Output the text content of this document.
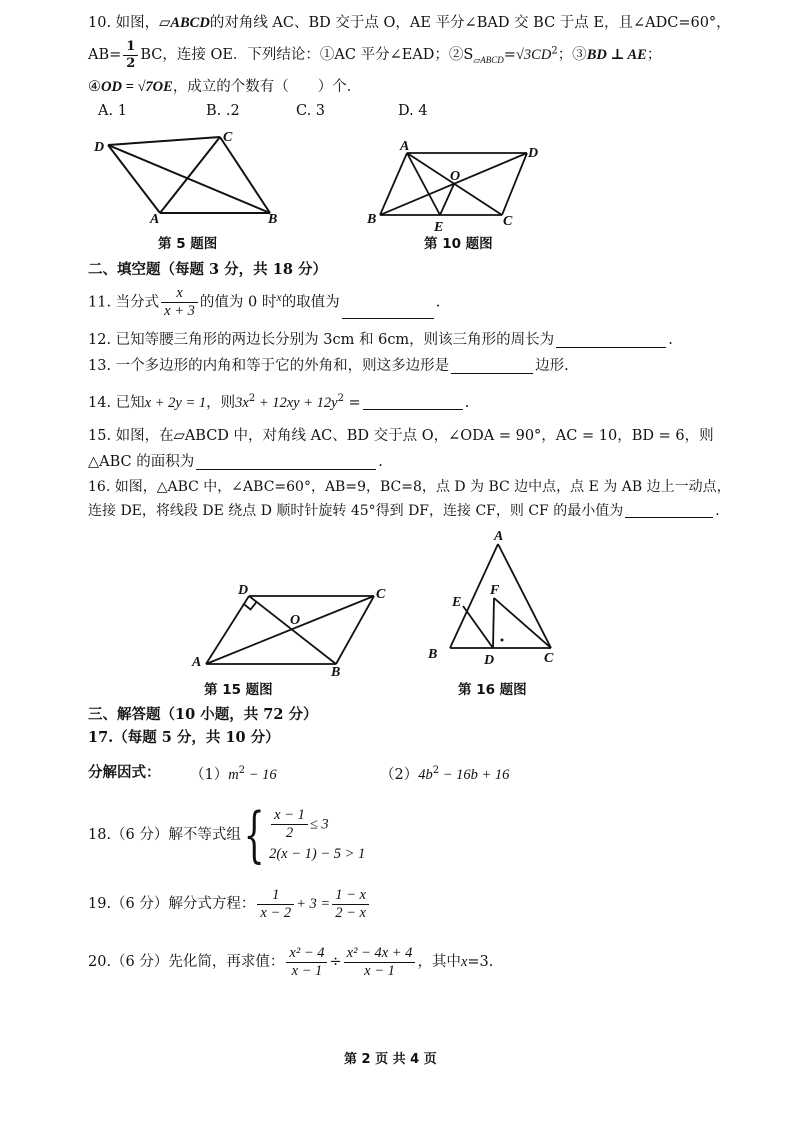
10. 如图，▱ABCD的对角线 AC、BD 交于点 O，AE 平分∠BAD 交 BC 于点 E，且∠ADC=60°，
$AB= \frac{1}{2}$ BC，连接 OE．下列结论：①AC 平分∠EAD；$②S_{▱ABCD}=√3CD^2$；③BD ⊥ AE；
④OD = √7OE，成立的个数有（　　）个．
A. 1	B. .2	C. 3	D. 4
D
C
A	B
第 5 题图
A	D
O
B
E	C
第 10 题图
二、填空题（每题 3 分，共 18 分）
11. 当分式 $\frac{x}{x + 3}$ 的值为 0 时$^x$的取值为	.
12. 已知等腰三角形的两边长分别为 3cm 和 6cm，则该三角形的周长为	.
13. 一个多边形的内角和等于它的外角和，则这多边形是	边形.
14. 已知x + 2y = 1，则$3x^2 + 12xy + 12y^2$ =	.
15. 如图，在▱ABCD 中，对角线 AC、BD 交于点 O，∠ODA = 90°，AC = 10，BD = 6，则
△ABC 的面积为	.
16. 如图，△ABC 中，∠ABC=60°，AB=9，BC=8，点 D 为 BC 边中点，点 E 为 AB 边上一动点，
连接 DE，将线段 DE 绕点 D 顺时针旋转 45°得到 DF，连接 CF，则 CF 的最小值为	.
D	C
O
A
B
第 15 题图
A
E
F
B	D	C
第 16 题图
三、解答题（10 小题，共 72 分）
17.（每题 5 分，共 10 分）
分解因式： $(1)m^2 - 16$	$(2)4b^2 - 16b + 16$
18.（6 分）解不等式组{ $\frac{x - 1}{2} \le 3$
2(x − 1) − 5 > 1
19.（6 分）解分式方程： $\frac{1}{x - 2} + 3 = \frac{1 - x}{2 - x}$
20.（6 分）先化简，再求值： $\frac{\text{x² − 4}}{x - 1} \div \frac{\text{x² − 4x + 4}}{x - 1}$ ，其中x=3.
第 2 页 共 4 页
